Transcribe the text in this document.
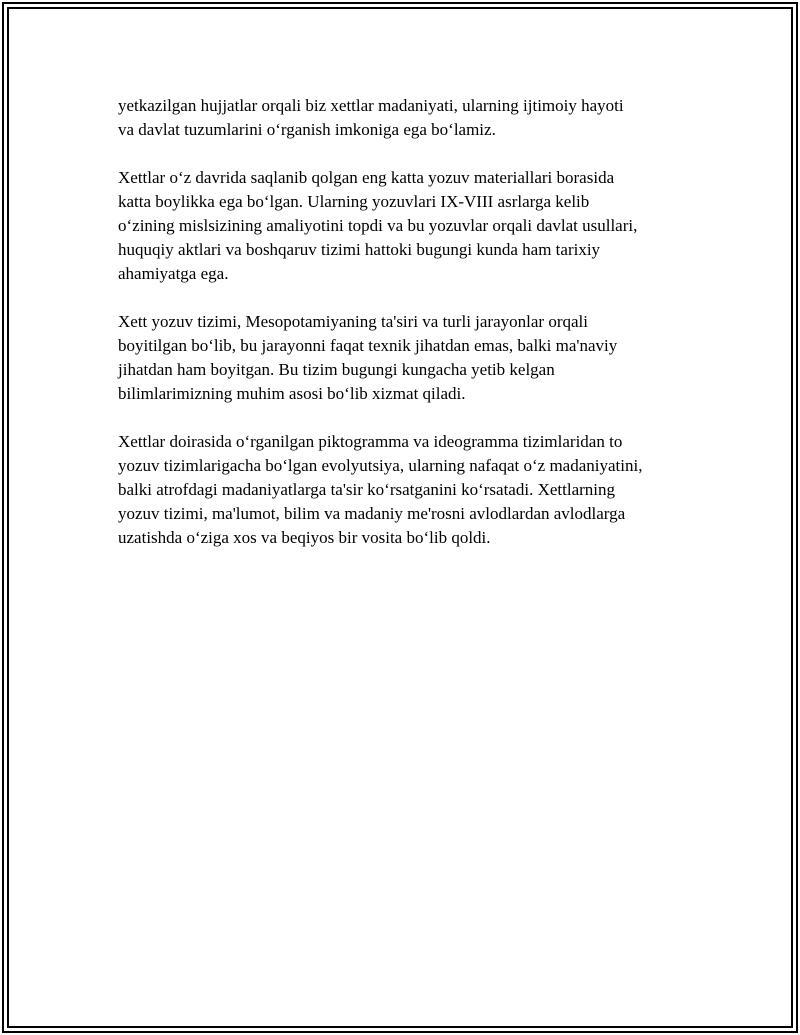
yetkazilgan hujjatlar orqali biz xettlar madaniyati, ularning ijtimoiy hayoti
va davlat tuzumlarini o‘rganish imkoniga ega bo‘lamiz.

Xettlar o‘z davrida saqlanib qolgan eng katta yozuv materiallari borasida
katta boylikka ega bo‘lgan. Ularning yozuvlari IX-VIII asrlarga kelib
o‘zining mislsizining amaliyotini topdi va bu yozuvlar orqali davlat usullari,
huquqiy aktlari va boshqaruv tizimi hattoki bugungi kunda ham tarixiy
ahamiyatga ega.

Xett yozuv tizimi, Mesopotamiyaning ta'siri va turli jarayonlar orqali
boyitilgan bo‘lib, bu jarayonni faqat texnik jihatdan emas, balki ma'naviy
jihatdan ham boyitgan. Bu tizim bugungi kungacha yetib kelgan
bilimlarimizning muhim asosi bo‘lib xizmat qiladi.

Xettlar doirasida o‘rganilgan piktogramma va ideogramma tizimlaridan to
yozuv tizimlarigacha bo‘lgan evolyutsiya, ularning nafaqat o‘z madaniyatini,
balki atrofdagi madaniyatlarga ta'sir ko‘rsatganini ko‘rsatadi. Xettlarning
yozuv tizimi, ma'lumot, bilim va madaniy me'rosni avlodlardan avlodlarga
uzatishda o‘ziga xos va beqiyos bir vosita bo‘lib qoldi.
